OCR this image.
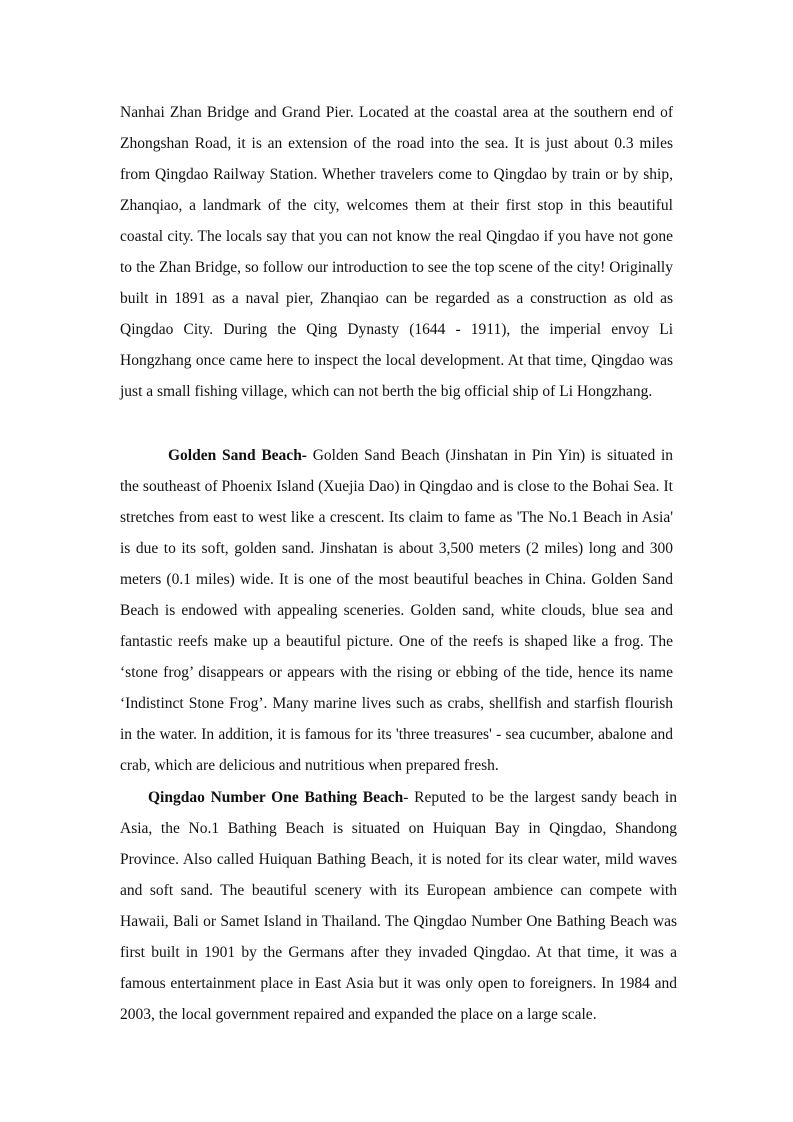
Nanhai Zhan Bridge and Grand Pier. Located at the coastal area at the southern end of Zhongshan Road, it is an extension of the road into the sea. It is just about 0.3 miles from Qingdao Railway Station. Whether travelers come to Qingdao by train or by ship, Zhanqiao, a landmark of the city, welcomes them at their first stop in this beautiful coastal city. The locals say that you can not know the real Qingdao if you have not gone to the Zhan Bridge, so follow our introduction to see the top scene of the city! Originally built in 1891 as a naval pier, Zhanqiao can be regarded as a construction as old as Qingdao City. During the Qing Dynasty (1644 - 1911), the imperial envoy Li Hongzhang once came here to inspect the local development. At that time, Qingdao was just a small fishing village, which can not berth the big official ship of Li Hongzhang.

Golden Sand Beach- Golden Sand Beach (Jinshatan in Pin Yin) is situated in the southeast of Phoenix Island (Xuejia Dao) in Qingdao and is close to the Bohai Sea. It stretches from east to west like a crescent. Its claim to fame as 'The No.1 Beach in Asia' is due to its soft, golden sand. Jinshatan is about 3,500 meters (2 miles) long and 300 meters (0.1 miles) wide. It is one of the most beautiful beaches in China. Golden Sand Beach is endowed with appealing sceneries. Golden sand, white clouds, blue sea and fantastic reefs make up a beautiful picture. One of the reefs is shaped like a frog. The ‘stone frog’ disappears or appears with the rising or ebbing of the tide, hence its name ‘Indistinct Stone Frog’. Many marine lives such as crabs, shellfish and starfish flourish in the water. In addition, it is famous for its 'three treasures' - sea cucumber, abalone and crab, which are delicious and nutritious when prepared fresh.

Qingdao Number One Bathing Beach- Reputed to be the largest sandy beach in Asia, the No.1 Bathing Beach is situated on Huiquan Bay in Qingdao, Shandong Province. Also called Huiquan Bathing Beach, it is noted for its clear water, mild waves and soft sand. The beautiful scenery with its European ambience can compete with Hawaii, Bali or Samet Island in Thailand. The Qingdao Number One Bathing Beach was first built in 1901 by the Germans after they invaded Qingdao. At that time, it was a famous entertainment place in East Asia but it was only open to foreigners. In 1984 and 2003, the local government repaired and expanded the place on a large scale.
